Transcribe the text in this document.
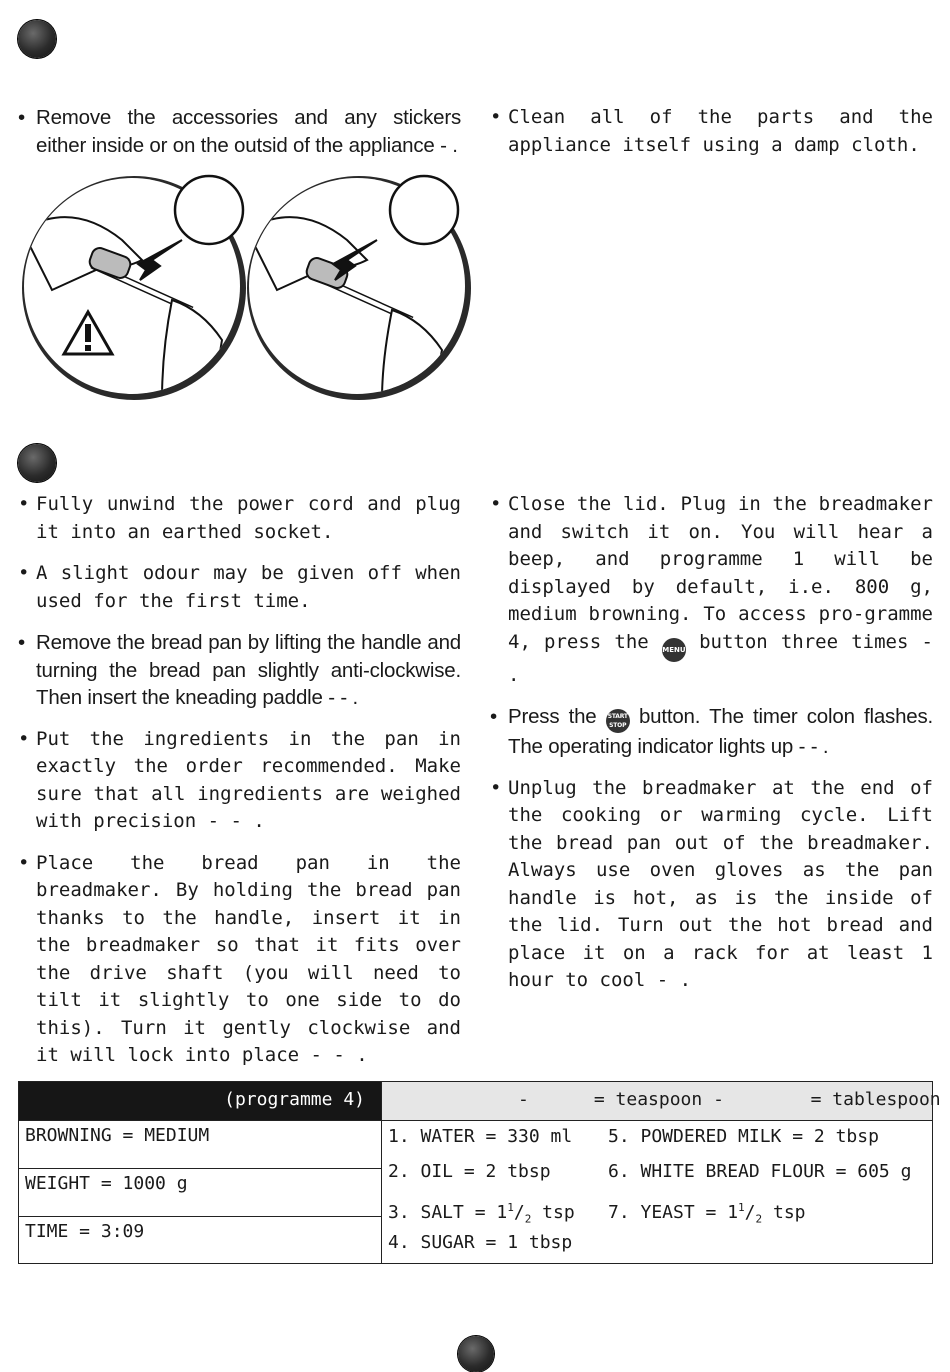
• Remove the accessories and any stickers either inside or on the outsid of the appliance - .

• Clean all of the parts and the appliance itself using a damp cloth.

• Fully unwind the power cord and plug it into an earthed socket.

• A slight odour may be given off when used for the first time.

• Remove the bread pan by lifting the handle and turning the bread pan slightly anti-clockwise. Then insert the kneading paddle - - .

• Put the ingredients in the pan in exactly the order recommended. Make sure that all ingredients are weighed with precision - - .

• Place the bread pan in the breadmaker. By holding the bread pan thanks to the handle, insert it in the breadmaker so that it fits over the drive shaft (you will need to tilt it slightly to one side to do this). Turn it gently clockwise and it will lock into place - - .

• Close the lid. Plug in the breadmaker and switch it on. You will hear a beep, and programme 1 will be displayed by default, i.e. 800 g, medium browning. To access pro-gramme 4, press the MENU button three times - .

• Press the START
STOP button. The timer colon flashes. The operating indicator lights up - - .

• Unplug the breadmaker at the end of the cooking or warming cycle. Lift the bread pan out of the breadmaker. Always use oven gloves as the pan handle is hot, as is the inside of the lid. Turn out the hot bread and place it on a rack for at least 1 hour to cool - .

(programme 4)	-      = teaspoon -        = tablespoon
BROWNING = MEDIUM
WEIGHT = 1000 g
TIME = 3:09
1. WATER = 330 ml
2. OIL = 2 tbsp
3. SALT = $1^1/_2$ tsp
4. SUGAR = 1 tbsp
5. POWDERED MILK = 2 tbsp
6. WHITE BREAD FLOUR = 605 g
7. YEAST = $1^1/_2$ tsp
